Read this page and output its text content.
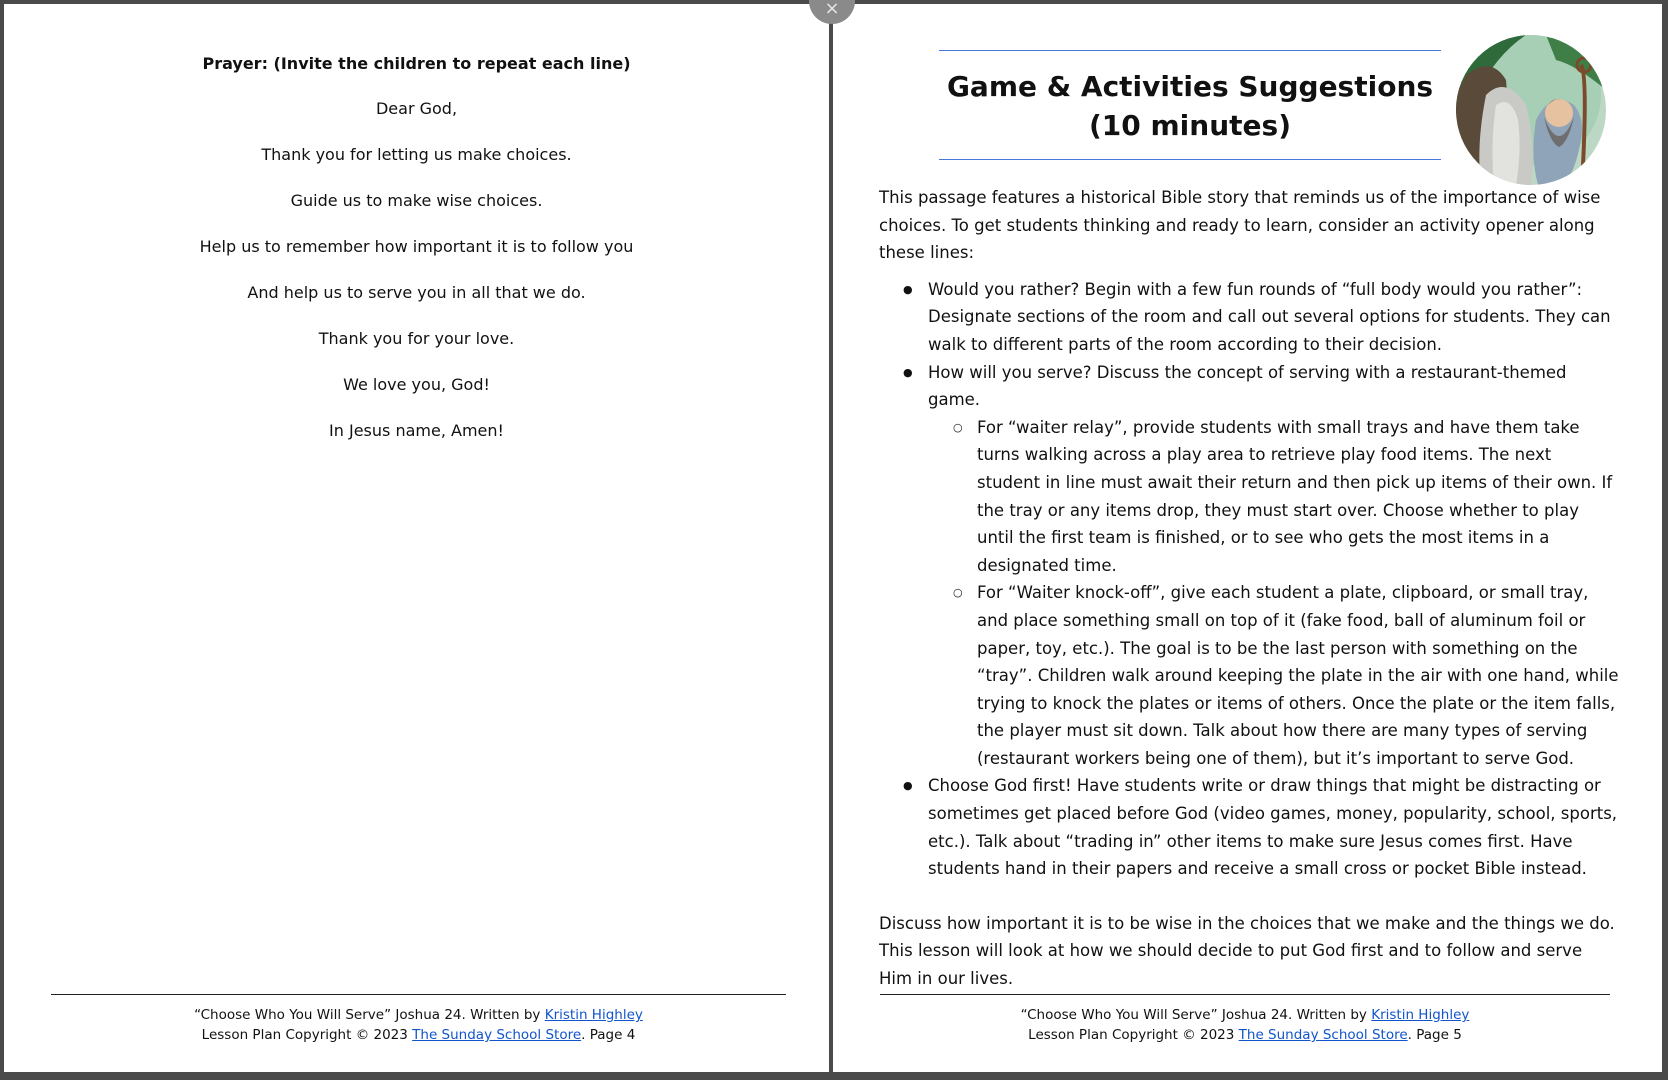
×

Prayer: (Invite the children to repeat each line)

Dear God,

Thank you for letting us make choices.

Guide us to make wise choices.

Help us to remember how important it is to follow you

And help us to serve you in all that we do.

Thank you for your love.

We love you, God!

In Jesus name, Amen!

“Choose Who You Will Serve” Joshua 24. Written by Kristin Highley
Lesson Plan Copyright © 2023 The Sunday School Store. Page 4
Game & Activities Suggestions
(10 minutes)

This passage features a historical Bible story that reminds us of the importance of wise choices. To get students thinking and ready to learn, consider an activity opener along these lines:

● Would you rather? Begin with a few fun rounds of “full body would you rather”: Designate sections of the room and call out several options for students. They can walk to different parts of the room according to their decision.
● How will you serve? Discuss the concept of serving with a restaurant-themed game.
○ For “waiter relay”, provide students with small trays and have them take turns walking across a play area to retrieve play food items. The next student in line must await their return and then pick up items of their own. If the tray or any items drop, they must start over. Choose whether to play until the first team is finished, or to see who gets the most items in a designated time.
○ For “Waiter knock-off”, give each student a plate, clipboard, or small tray, and place something small on top of it (fake food, ball of aluminum foil or paper, toy, etc.). The goal is to be the last person with something on the “tray”. Children walk around keeping the plate in the air with one hand, while trying to knock the plates or items of others. Once the plate or the item falls, the player must sit down. Talk about how there are many types of serving (restaurant workers being one of them), but it’s important to serve God.
● Choose God first! Have students write or draw things that might be distracting or sometimes get placed before God (video games, money, popularity, school, sports, etc.). Talk about “trading in” other items to make sure Jesus comes first. Have students hand in their papers and receive a small cross or pocket Bible instead.

Discuss how important it is to be wise in the choices that we make and the things we do. This lesson will look at how we should decide to put God first and to follow and serve Him in our lives.

“Choose Who You Will Serve” Joshua 24. Written by Kristin Highley
Lesson Plan Copyright © 2023 The Sunday School Store. Page 5
